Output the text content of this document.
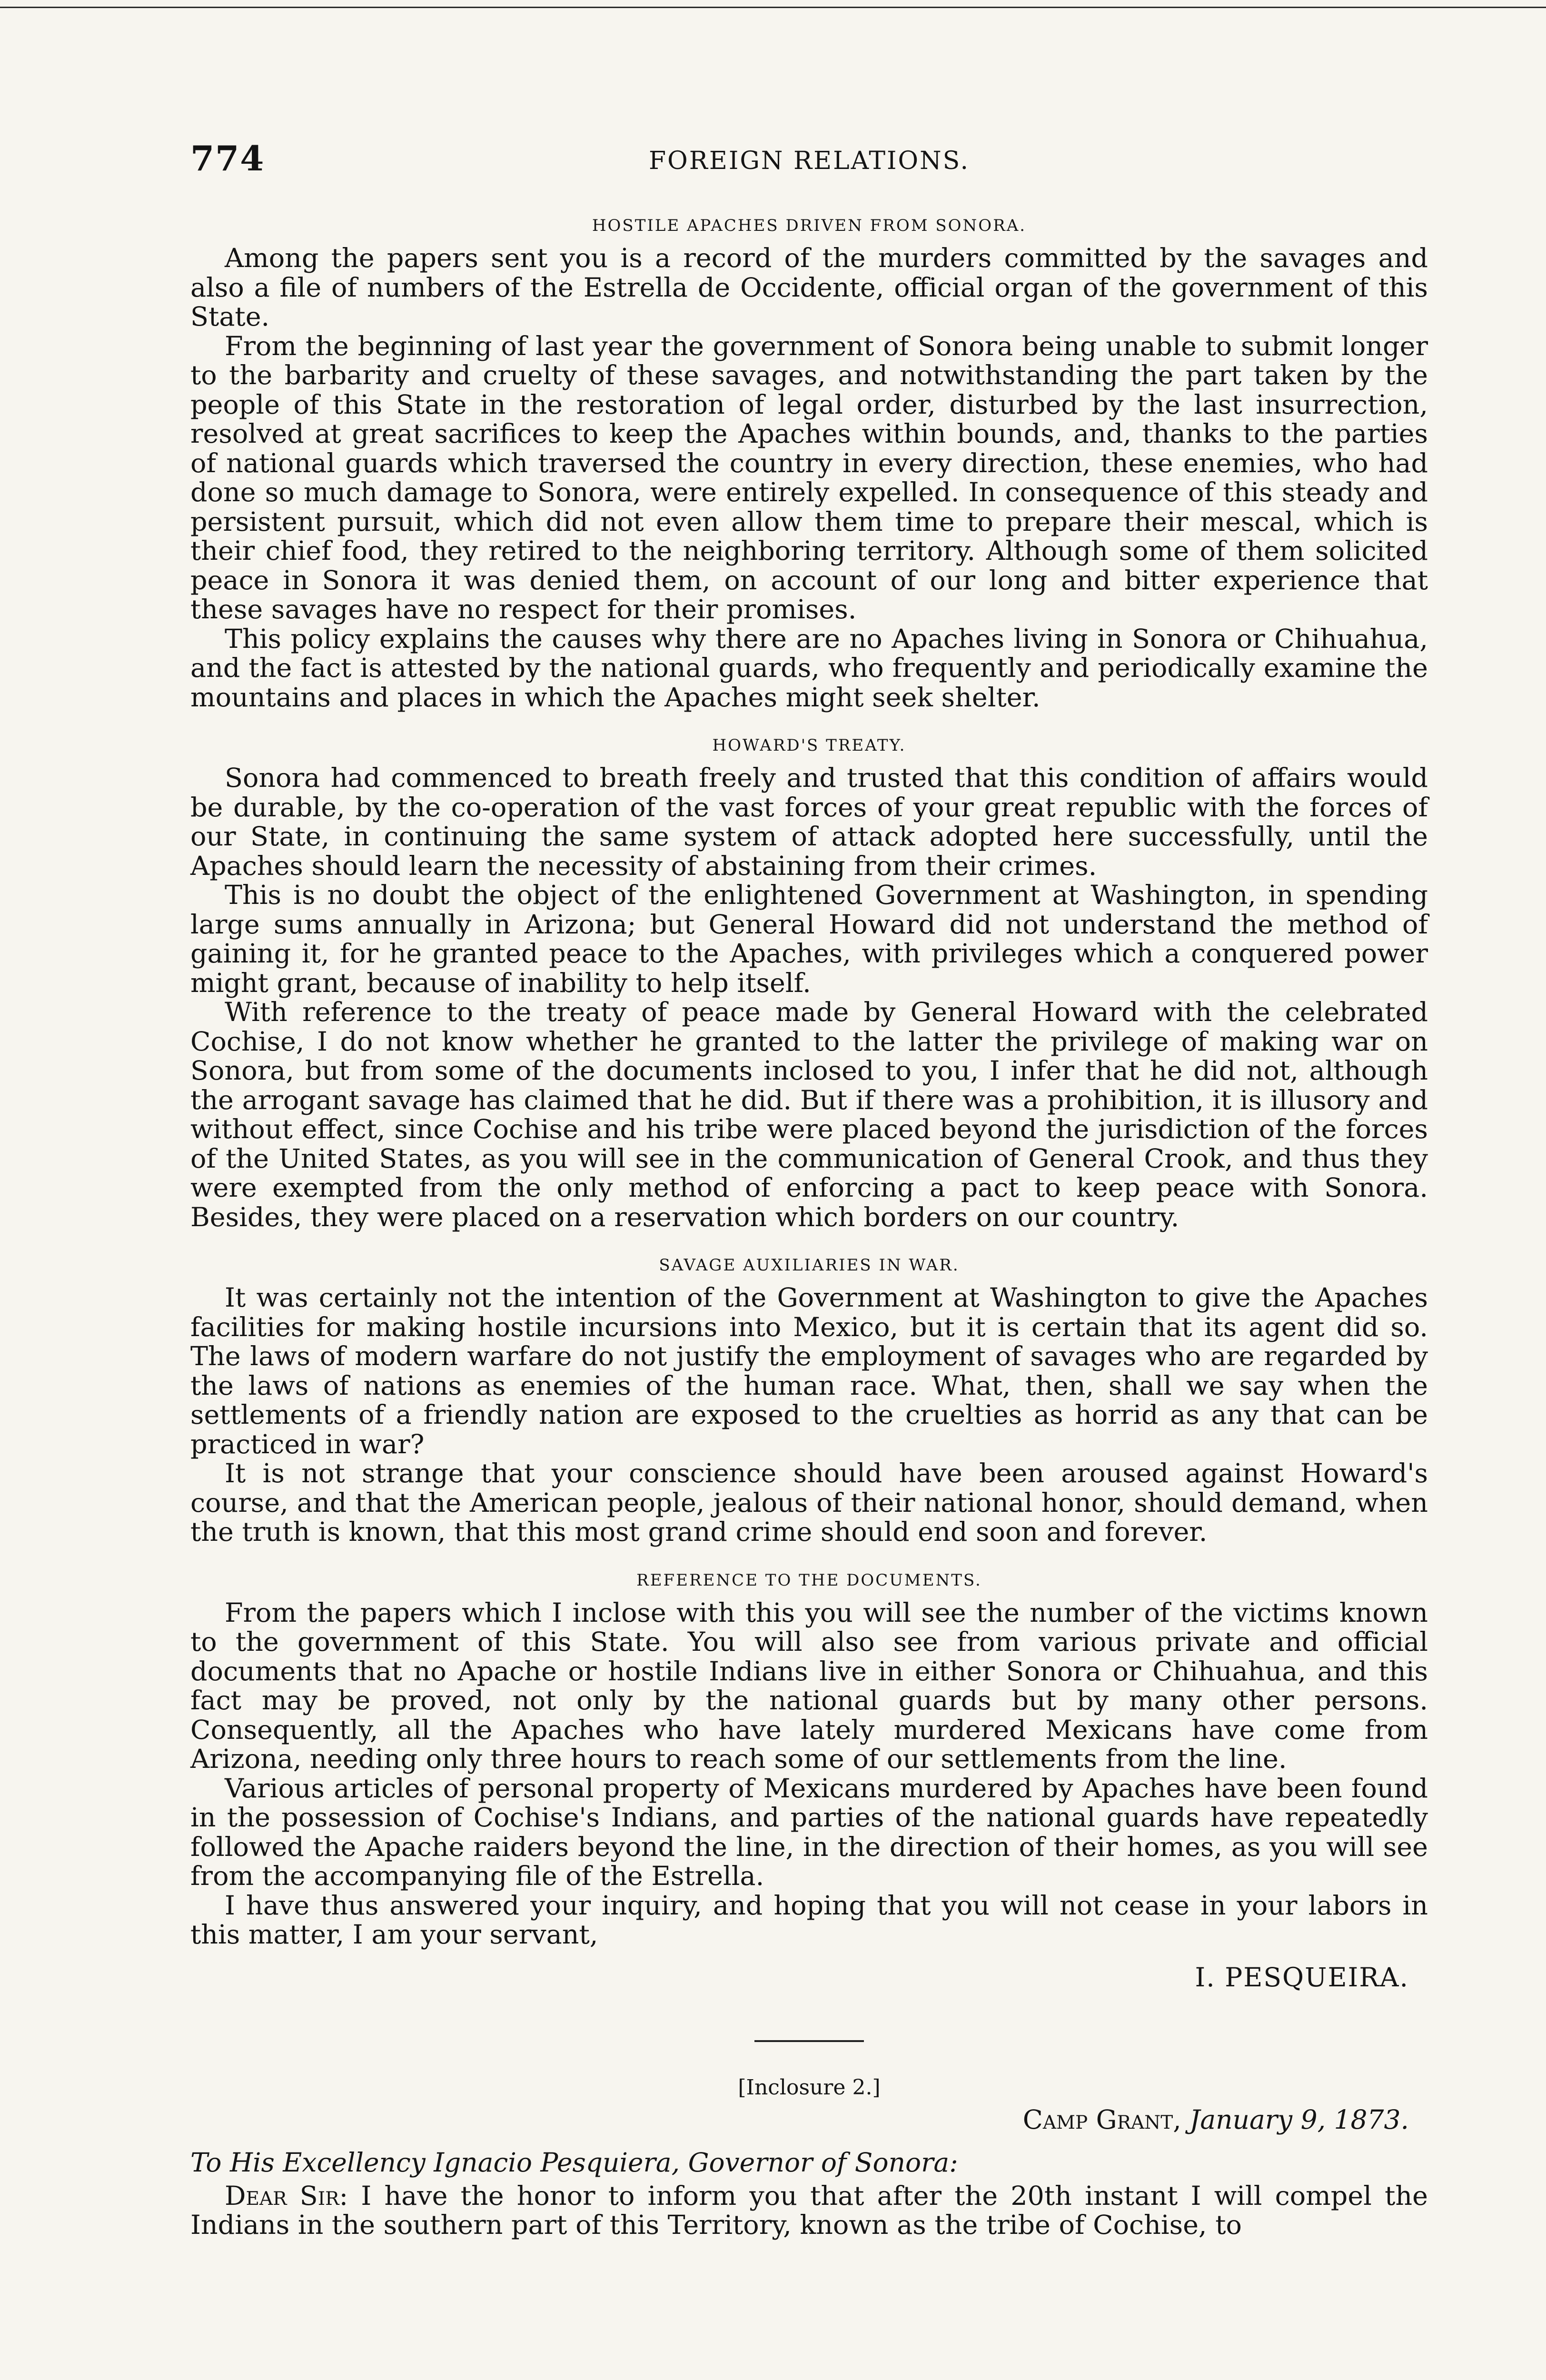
774	FOREIGN RELATIONS.
HOSTILE APACHES DRIVEN FROM SONORA.

Among the papers sent you is a record of the murders committed by the savages and also a file of numbers of the Estrella de Occidente, official organ of the government of this State.

From the beginning of last year the government of Sonora being unable to submit longer to the barbarity and cruelty of these savages, and notwithstanding the part taken by the people of this State in the restoration of legal order, disturbed by the last insurrection, resolved at great sacrifices to keep the Apaches within bounds, and, thanks to the parties of national guards which traversed the country in every direction, these enemies, who had done so much damage to Sonora, were entirely expelled. In consequence of this steady and persistent pursuit, which did not even allow them time to prepare their mescal, which is their chief food, they retired to the neighboring territory. Although some of them solicited peace in Sonora it was denied them, on account of our long and bitter experience that these savages have no respect for their promises.

This policy explains the causes why there are no Apaches living in Sonora or Chihuahua, and the fact is attested by the national guards, who frequently and periodically examine the mountains and places in which the Apaches might seek shelter.

HOWARD'S TREATY.

Sonora had commenced to breath freely and trusted that this condition of affairs would be durable, by the co-operation of the vast forces of your great republic with the forces of our State, in continuing the same system of attack adopted here successfully, until the Apaches should learn the necessity of abstaining from their crimes.

This is no doubt the object of the enlightened Government at Washington, in spending large sums annually in Arizona; but General Howard did not understand the method of gaining it, for he granted peace to the Apaches, with privileges which a conquered power might grant, because of inability to help itself.

With reference to the treaty of peace made by General Howard with the celebrated Cochise, I do not know whether he granted to the latter the privilege of making war on Sonora, but from some of the documents inclosed to you, I infer that he did not, although the arrogant savage has claimed that he did. But if there was a prohibition, it is illusory and without effect, since Cochise and his tribe were placed beyond the jurisdiction of the forces of the United States, as you will see in the communication of General Crook, and thus they were exempted from the only method of enforcing a pact to keep peace with Sonora. Besides, they were placed on a reservation which borders on our country.

SAVAGE AUXILIARIES IN WAR.

It was certainly not the intention of the Government at Washington to give the Apaches facilities for making hostile incursions into Mexico, but it is certain that its agent did so. The laws of modern warfare do not justify the employment of savages who are regarded by the laws of nations as enemies of the human race. What, then, shall we say when the settlements of a friendly nation are exposed to the cruelties as horrid as any that can be practiced in war?

It is not strange that your conscience should have been aroused against Howard's course, and that the American people, jealous of their national honor, should demand, when the truth is known, that this most grand crime should end soon and forever.

REFERENCE TO THE DOCUMENTS.

From the papers which I inclose with this you will see the number of the victims known to the government of this State. You will also see from various private and official documents that no Apache or hostile Indians live in either Sonora or Chihuahua, and this fact may be proved, not only by the national guards but by many other persons. Consequently, all the Apaches who have lately murdered Mexicans have come from Arizona, needing only three hours to reach some of our settlements from the line.

Various articles of personal property of Mexicans murdered by Apaches have been found in the possession of Cochise's Indians, and parties of the national guards have repeatedly followed the Apache raiders beyond the line, in the direction of their homes, as you will see from the accompanying file of the Estrella.

I have thus answered your inquiry, and hoping that you will not cease in your labors in this matter, I am your servant,

I. PESQUEIRA.
[Inclosure 2.]
Camp Grant, January 9, 1873.
To His Excellency Ignacio Pesquiera, Governor of Sonora:

Dear Sir: I have the honor to inform you that after the 20th instant I will compel the Indians in the southern part of this Territory, known as the tribe of Cochise, to
